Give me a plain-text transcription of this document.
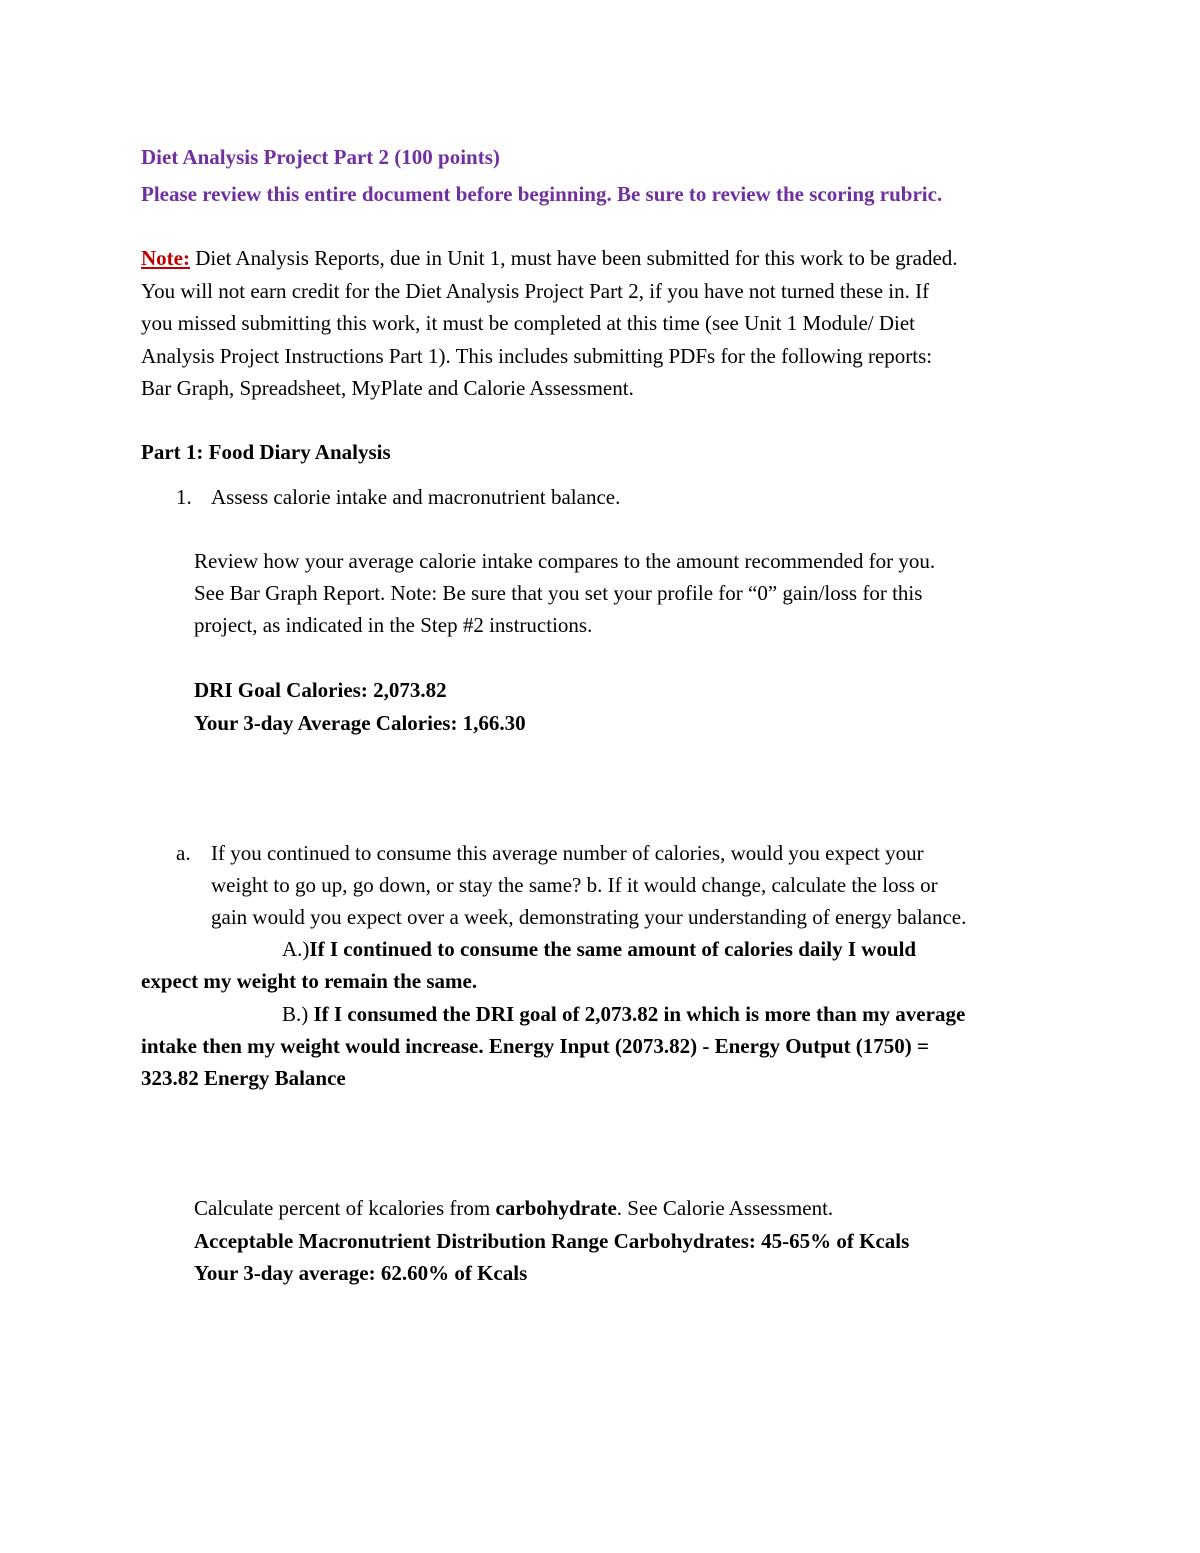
Diet Analysis Project Part 2 (100 points)
Please review this entire document before beginning. Be sure to review the scoring rubric.
Note: Diet Analysis Reports, due in Unit 1, must have been submitted for this work to be graded.
You will not earn credit for the Diet Analysis Project Part 2, if you have not turned these in. If
you missed submitting this work, it must be completed at this time (see Unit 1 Module/ Diet
Analysis Project Instructions Part 1). This includes submitting PDFs for the following reports:
Bar Graph, Spreadsheet, MyPlate and Calorie Assessment.
Part 1: Food Diary Analysis
1. Assess calorie intake and macronutrient balance.
Review how your average calorie intake compares to the amount recommended for you.
See Bar Graph Report. Note: Be sure that you set your profile for “0” gain/loss for this
project, as indicated in the Step #2 instructions.
DRI Goal Calories: 2,073.82
Your 3-day Average Calories: 1,66.30
a. If you continued to consume this average number of calories, would you expect your
weight to go up, go down, or stay the same? b. If it would change, calculate the loss or
gain would you expect over a week, demonstrating your understanding of energy balance.
A.)If I continued to consume the same amount of calories daily I would
expect my weight to remain the same.
B.) If I consumed the DRI goal of 2,073.82 in which is more than my average
intake then my weight would increase. Energy Input (2073.82) - Energy Output (1750) =
323.82 Energy Balance
Calculate percent of kcalories from carbohydrate. See Calorie Assessment.
Acceptable Macronutrient Distribution Range Carbohydrates: 45-65% of Kcals
Your 3-day average: 62.60% of Kcals
